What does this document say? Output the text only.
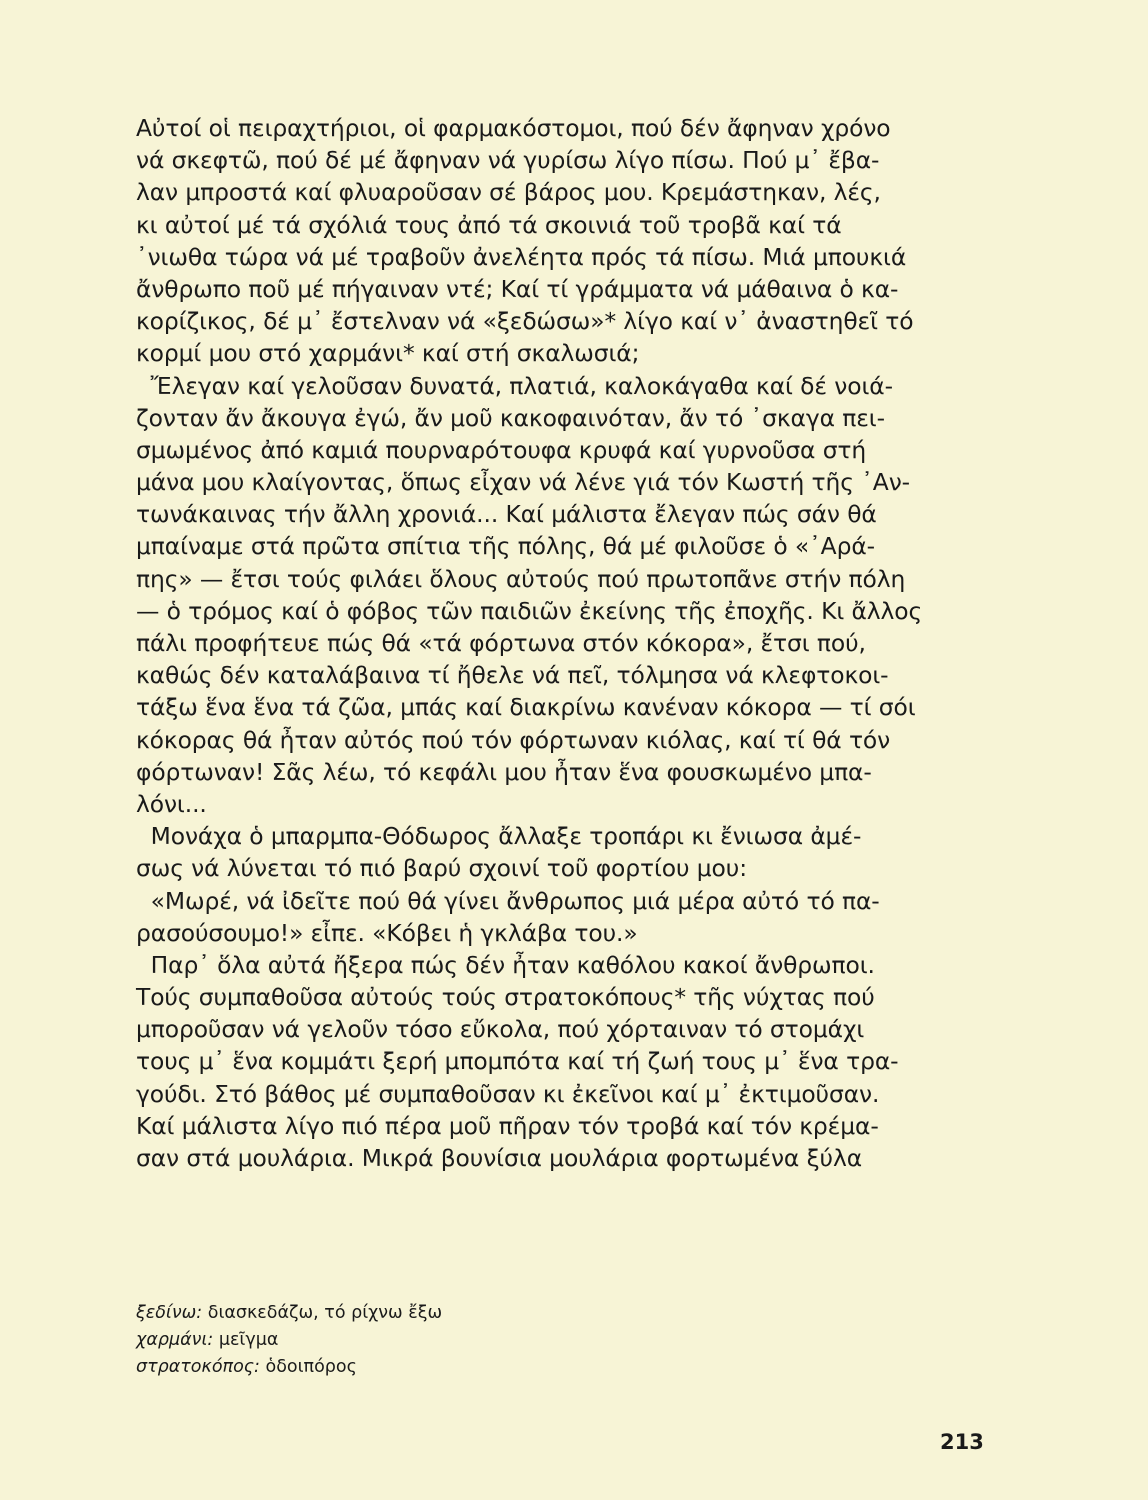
Αὐτοί οἱ πειραχτήριοι, οἱ φαρμακόστομοι, πού δέν ἄφηναν χρόνο
νά σκεφτῶ, πού δέ μέ ἄφηναν νά γυρίσω λίγο πίσω. Πού μ᾽ ἔβα-
λαν μπροστά καί φλυαροῦσαν σέ βάρος μου. Κρεμάστηκαν, λές,
κι αὐτοί μέ τά σχόλιά τους ἀπό τά σκοινιά τοῦ τροβᾶ καί τά
᾽νιωθα τώρα νά μέ τραβοῦν ἀνελέητα πρός τά πίσω. Μιά μπουκιά
ἄνθρωπο ποῦ μέ πήγαιναν ντέ; Καί τί γράμματα νά μάθαινα ὁ κα-
κορίζικος, δέ μ᾽ ἔστελναν νά «ξεδώσω»* λίγο καί ν᾽ ἀναστηθεῖ τό
κορμί μου στό χαρμάνι* καί στή σκαλωσιά;
Ἔλεγαν καί γελοῦσαν δυνατά, πλατιά, καλοκάγαθα καί δέ νοιά-
ζονταν ἄν ἄκουγα ἐγώ, ἄν μοῦ κακοφαινόταν, ἄν τό ᾽σκαγα πει-
σμωμένος ἀπό καμιά πουρναρότουφα κρυφά καί γυρνοῦσα στή
μάνα μου κλαίγοντας, ὅπως εἶχαν νά λένε γιά τόν Κωστή τῆς ᾽Αν-
τωνάκαινας τήν ἄλλη χρονιά... Καί μάλιστα ἔλεγαν πώς σάν θά
μπαίναμε στά πρῶτα σπίτια τῆς πόλης, θά μέ φιλοῦσε ὁ «᾽Αρά-
πης» — ἔτσι τούς φιλάει ὅλους αὐτούς πού πρωτοπᾶνε στήν πόλη
— ὁ τρόμος καί ὁ φόβος τῶν παιδιῶν ἐκείνης τῆς ἐποχῆς. Κι ἄλλος
πάλι προφήτευε πώς θά «τά φόρτωνα στόν κόκορα», ἔτσι πού,
καθώς δέν καταλάβαινα τί ἤθελε νά πεῖ, τόλμησα νά κλεφτοκοι-
τάξω ἕνα ἕνα τά ζῶα, μπάς καί διακρίνω κανέναν κόκορα — τί σόι
κόκορας θά ἦταν αὐτός πού τόν φόρτωναν κιόλας, καί τί θά τόν
φόρτωναν! Σᾶς λέω, τό κεφάλι μου ἦταν ἕνα φουσκωμένο μπα-
λόνι...
Μονάχα ὁ μπαρμπα-Θόδωρος ἄλλαξε τροπάρι κι ἔνιωσα ἀμέ-
σως νά λύνεται τό πιό βαρύ σχοινί τοῦ φορτίου μου:
«Μωρέ, νά ἰδεῖτε πού θά γίνει ἄνθρωπος μιά μέρα αὐτό τό πα-
ρασούσουμο!» εἶπε. «Κόβει ἡ γκλάβα του.»
Παρ᾽ ὅλα αὐτά ἤξερα πώς δέν ἦταν καθόλου κακοί ἄνθρωποι.
Τούς συμπαθοῦσα αὐτούς τούς στρατοκόπους* τῆς νύχτας πού
μποροῦσαν νά γελοῦν τόσο εὔκολα, πού χόρταιναν τό στομάχι
τους μ᾽ ἕνα κομμάτι ξερή μπομπότα καί τή ζωή τους μ᾽ ἕνα τρα-
γούδι. Στό βάθος μέ συμπαθοῦσαν κι ἐκεῖνοι καί μ᾽ ἐκτιμοῦσαν.
Καί μάλιστα λίγο πιό πέρα μοῦ πῆραν τόν τροβά καί τόν κρέμα-
σαν στά μουλάρια. Μικρά βουνίσια μουλάρια φορτωμένα ξύλα
ξεδίνω: διασκεδάζω, τό ρίχνω ἔξω
χαρμάνι: μεῖγμα
στρατοκόπος: ὁδοιπόρος
213
